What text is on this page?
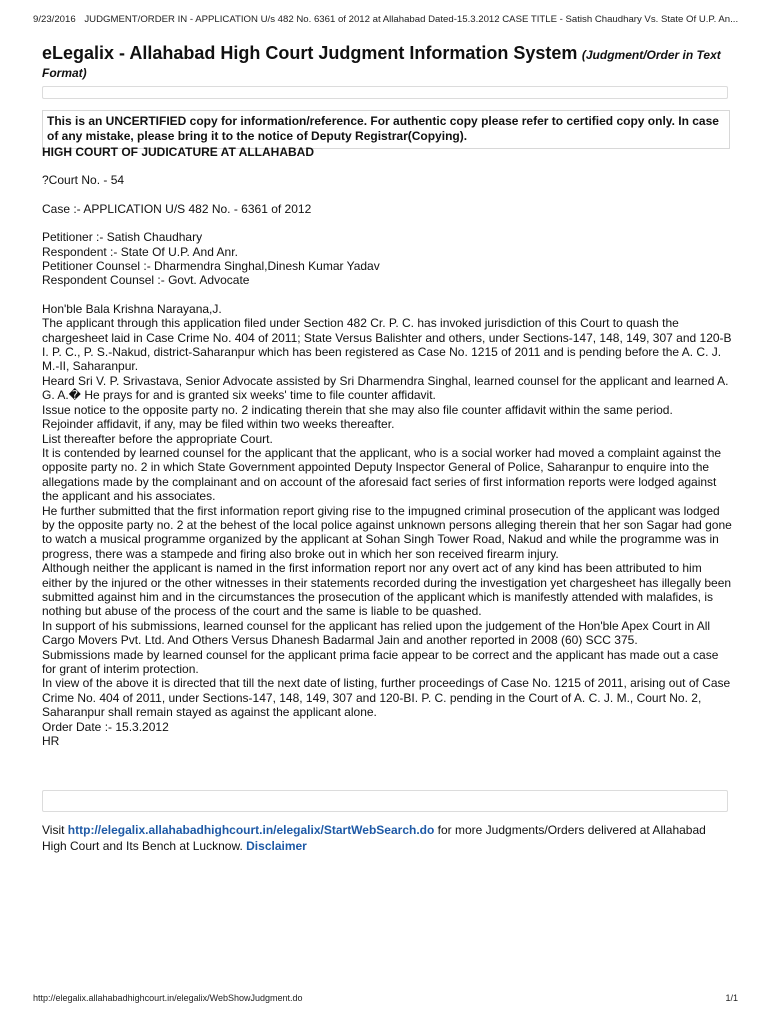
9/23/2016 JUDGMENT/ORDER IN - APPLICATION U/s 482 No. 6361 of 2012 at Allahabad Dated-15.3.2012 CASE TITLE - Satish Chaudhary Vs. State Of U.P. An...
eLegalix - Allahabad High Court Judgment Information System (Judgment/Order in Text Format)
This is an UNCERTIFIED copy for information/reference. For authentic copy please refer to certified copy only. In case of any mistake, please bring it to the notice of Deputy Registrar(Copying).

HIGH COURT OF JUDICATURE AT ALLAHABAD

?Court No. - 54

Case :- APPLICATION U/S 482 No. - 6361 of 2012

Petitioner :- Satish Chaudhary

Respondent :- State Of U.P. And Anr.

Petitioner Counsel :- Dharmendra Singhal,Dinesh Kumar Yadav

Respondent Counsel :- Govt. Advocate

Hon'ble Bala Krishna Narayana,J.

The applicant through this application filed under Section 482 Cr. P. C. has invoked jurisdiction of this Court to quash the chargesheet laid in Case Crime No. 404 of 2011; State Versus Balishter and others, under Sections-147, 148, 149, 307 and 120-B I. P. C., P. S.-Nakud, district-Saharanpur which has been registered as Case No. 1215 of 2011 and is pending before the A. C. J. M.-II, Saharanpur.

Heard Sri V. P. Srivastava, Senior Advocate assisted by Sri Dharmendra Singhal, learned counsel for the applicant and learned A. G. A.� He prays for and is granted six weeks' time to file counter affidavit.

Issue notice to the opposite party no. 2 indicating therein that she may also file counter affidavit within the same period.

Rejoinder affidavit, if any, may be filed within two weeks thereafter.

List thereafter before the appropriate Court.

It is contended by learned counsel for the applicant that the applicant, who is a social worker had moved a complaint against the opposite party no. 2 in which State Government appointed Deputy Inspector General of Police, Saharanpur to enquire into the allegations made by the complainant and on account of the aforesaid fact series of first information reports were lodged against the applicant and his associates.

He further submitted that the first information report giving rise to the impugned criminal prosecution of the applicant was lodged by the opposite party no. 2 at the behest of the local police against unknown persons alleging therein that her son Sagar had gone to watch a musical programme organized by the applicant at Sohan Singh Tower Road, Nakud and while the programme was in progress, there was a stampede and firing also broke out in which her son received firearm injury.

Although neither the applicant is named in the first information report nor any overt act of any kind has been attributed to him either by the injured or the other witnesses in their statements recorded during the investigation yet chargesheet has illegally been submitted against him and in the circumstances the prosecution of the applicant which is manifestly attended with malafides, is nothing but abuse of the process of the court and the same is liable to be quashed.

In support of his submissions, learned counsel for the applicant has relied upon the judgement of the Hon'ble Apex Court in All Cargo Movers Pvt. Ltd. And Others Versus Dhanesh Badarmal Jain and another reported in 2008 (60) SCC 375.

Submissions made by learned counsel for the applicant prima facie appear to be correct and the applicant has made out a case for grant of interim protection.

In view of the above it is directed that till the next date of listing, further proceedings of Case No. 1215 of 2011, arising out of Case Crime No. 404 of 2011, under Sections-147, 148, 149, 307 and 120-BI. P. C. pending in the Court of A. C. J. M., Court No. 2, Saharanpur shall remain stayed as against the applicant alone.

Order Date :- 15.3.2012

HR

Visit http://elegalix.allahabadhighcourt.in/elegalix/StartWebSearch.do for more Judgments/Orders delivered at Allahabad High Court and Its Bench at Lucknow. Disclaimer
http://elegalix.allahabadhighcourt.in/elegalix/WebShowJudgment.do	1/1
